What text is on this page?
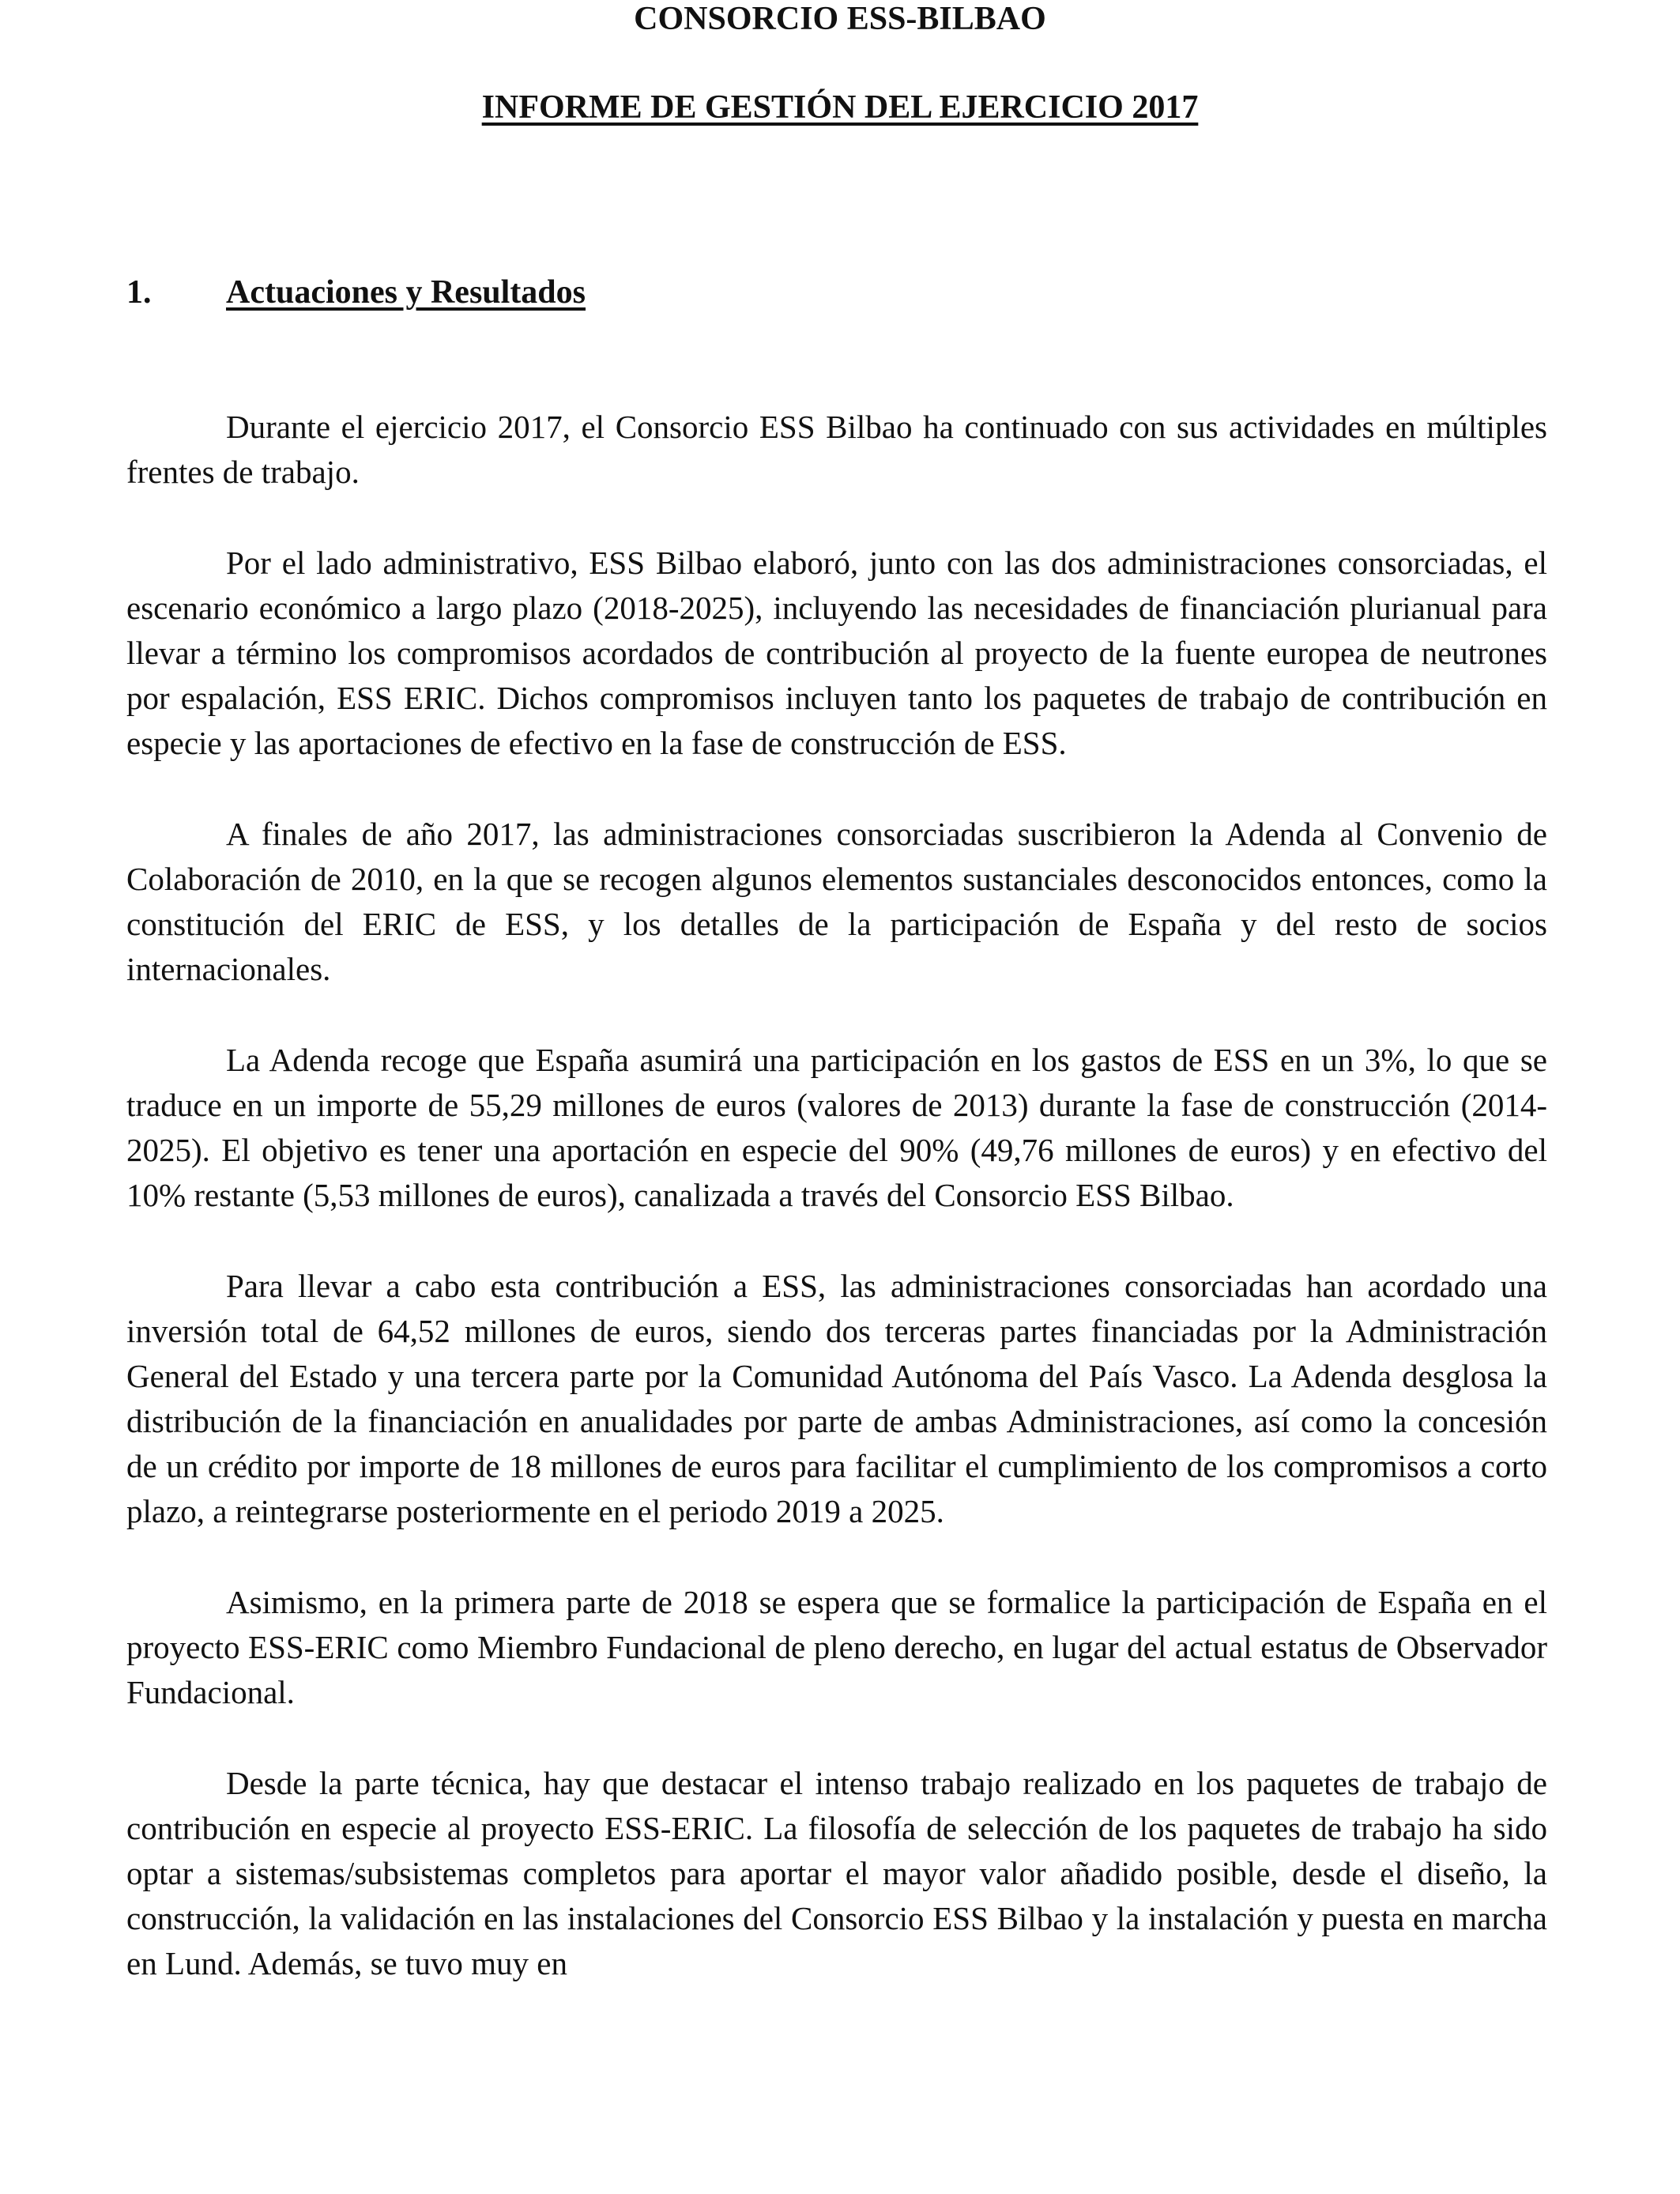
CONSORCIO ESS-BILBAO
INFORME DE GESTIÓN DEL EJERCICIO 2017
1. Actuaciones y Resultados

Durante el ejercicio 2017, el Consorcio ESS Bilbao ha continuado con sus actividades en múltiples frentes de trabajo.

Por el lado administrativo, ESS Bilbao elaboró, junto con las dos administraciones consorciadas, el escenario económico a largo plazo (2018-2025), incluyendo las necesidades de financiación plurianual para llevar a término los compromisos acordados de contribución al proyecto de la fuente europea de neutrones por espalación, ESS ERIC. Dichos compromisos incluyen tanto los paquetes de trabajo de contribución en especie y las aportaciones de efectivo en la fase de construcción de ESS.

A finales de año 2017, las administraciones consorciadas suscribieron la Adenda al Convenio de Colaboración de 2010, en la que se recogen algunos elementos sustanciales desconocidos entonces, como la constitución del ERIC de ESS, y los detalles de la participación de España y del resto de socios internacionales.

La Adenda recoge que España asumirá una participación en los gastos de ESS en un 3%, lo que se traduce en un importe de 55,29 millones de euros (valores de 2013) durante la fase de construcción (2014-2025). El objetivo es tener una aportación en especie del 90% (49,76 millones de euros) y en efectivo del 10% restante (5,53 millones de euros), canalizada a través del Consorcio ESS Bilbao.

Para llevar a cabo esta contribución a ESS, las administraciones consorciadas han acordado una inversión total de 64,52 millones de euros, siendo dos terceras partes financiadas por la Administración General del Estado y una tercera parte por la Comunidad Autónoma del País Vasco. La Adenda desglosa la distribución de la financiación en anualidades por parte de ambas Administraciones, así como la concesión de un crédito por importe de 18 millones de euros para facilitar el cumplimiento de los compromisos a corto plazo, a reintegrarse posteriormente en el periodo 2019 a 2025.

Asimismo, en la primera parte de 2018 se espera que se formalice la participación de España en el proyecto ESS-ERIC como Miembro Fundacional de pleno derecho, en lugar del actual estatus de Observador Fundacional.

Desde la parte técnica, hay que destacar el intenso trabajo realizado en los paquetes de trabajo de contribución en especie al proyecto ESS-ERIC. La filosofía de selección de los paquetes de trabajo ha sido optar a sistemas/subsistemas completos para aportar el mayor valor añadido posible, desde el diseño, la construcción, la validación en las instalaciones del Consorcio ESS Bilbao y la instalación y puesta en marcha en Lund. Además, se tuvo muy en
